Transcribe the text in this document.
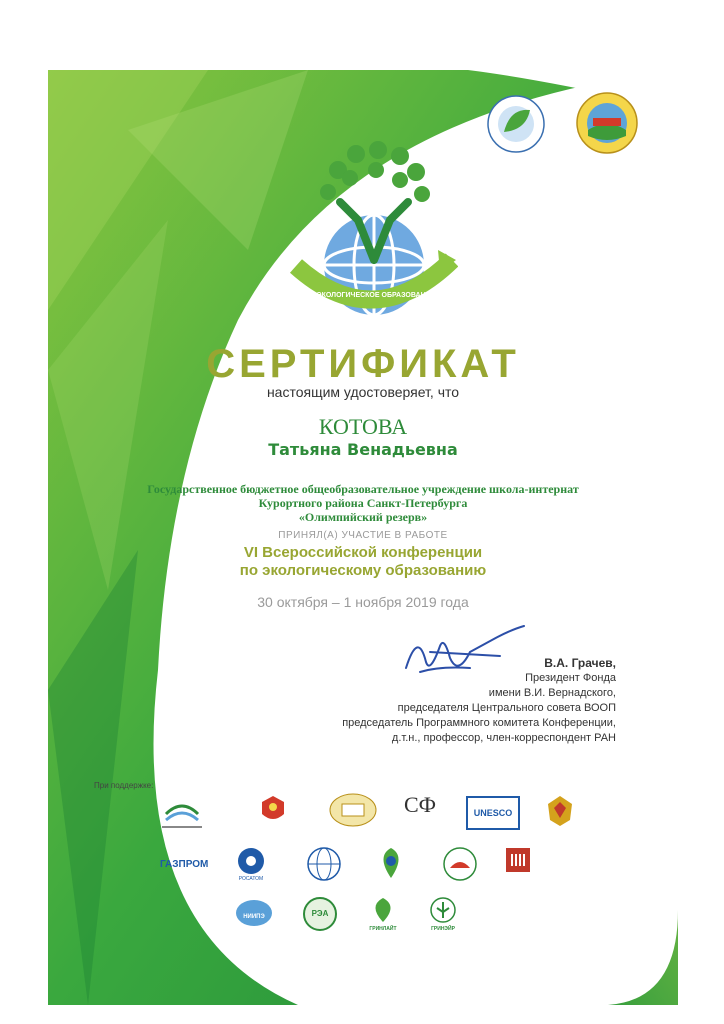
ЭКОЛОГИЧЕСКОЕ ОБРАЗОВАНИЕ
СЕРТИФИКАТ
настоящим удостоверяет, что
КОТОВА
Татьяна Венадьевна
Государственное бюджетное общеобразовательное учреждение школа-интернат
Курортного района Санкт-Петербурга
«Олимпийский резерв»
ПРИНЯЛ(А) УЧАСТИЕ В РАБОТЕ
VI Всероссийской конференции
по экологическому образованию
30 октября – 1 ноября 2019 года
В.А. Грачев,
Президент Фонда
имени В.И. Вернадского,
председателя Центрального совета ВООП
председатель Программного комитета Конференции,
д.т.н., профессор, член-корреспондент РАН
При поддержке:
СФ	UNESCO
ГАЗПРОМ
РОСАТОМ
НИИПЭ	РЭА
ГРИНЛАЙТ	ГРИНЭЙР
